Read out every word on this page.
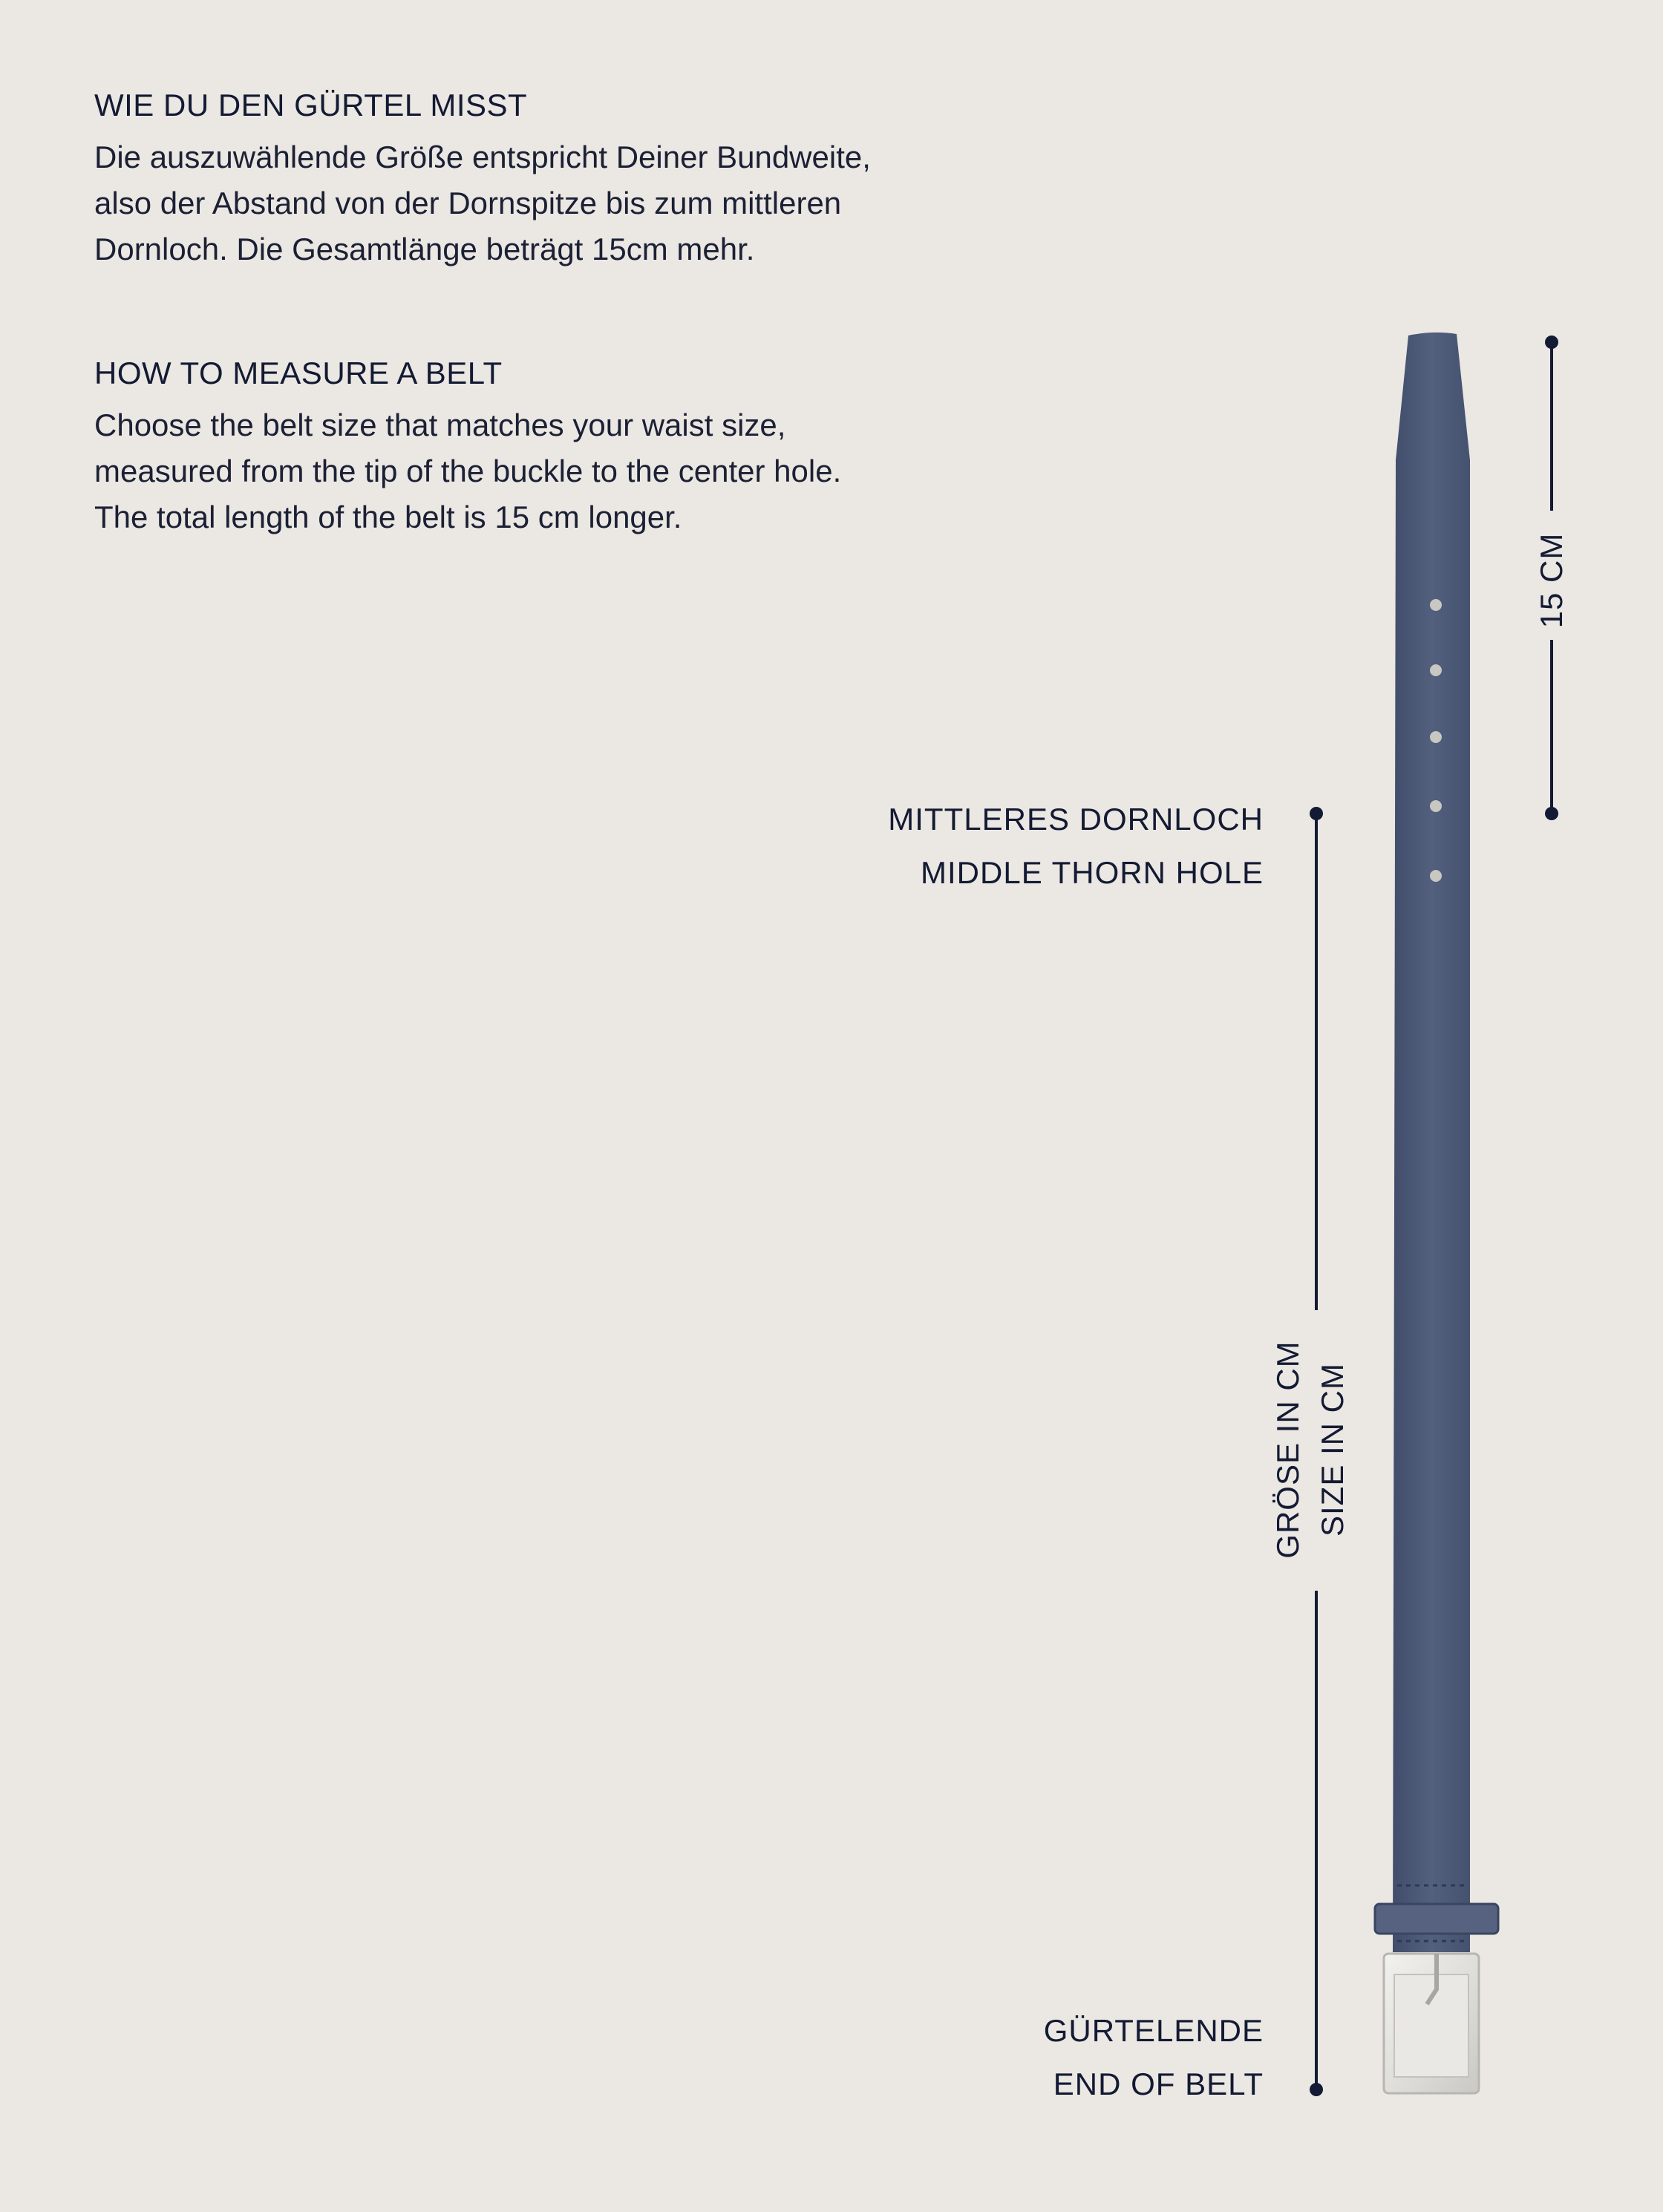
WIE DU DEN GÜRTEL MISST

Die auszuwählende Größe entspricht Deiner Bundweite,
also der Abstand von der Dornspitze bis zum mittleren
Dornloch. Die Gesamtlänge beträgt 15cm mehr.

HOW TO MEASURE A BELT

Choose the belt size that matches your waist size,
measured from the tip of the buckle to the center hole.
The total length of the belt is 15 cm longer.

MITTLERES DORNLOCH
MIDDLE THORN HOLE
GÜRTELENDE
END OF BELT
GRÖSE IN CM SIZE IN CM
15 CM
